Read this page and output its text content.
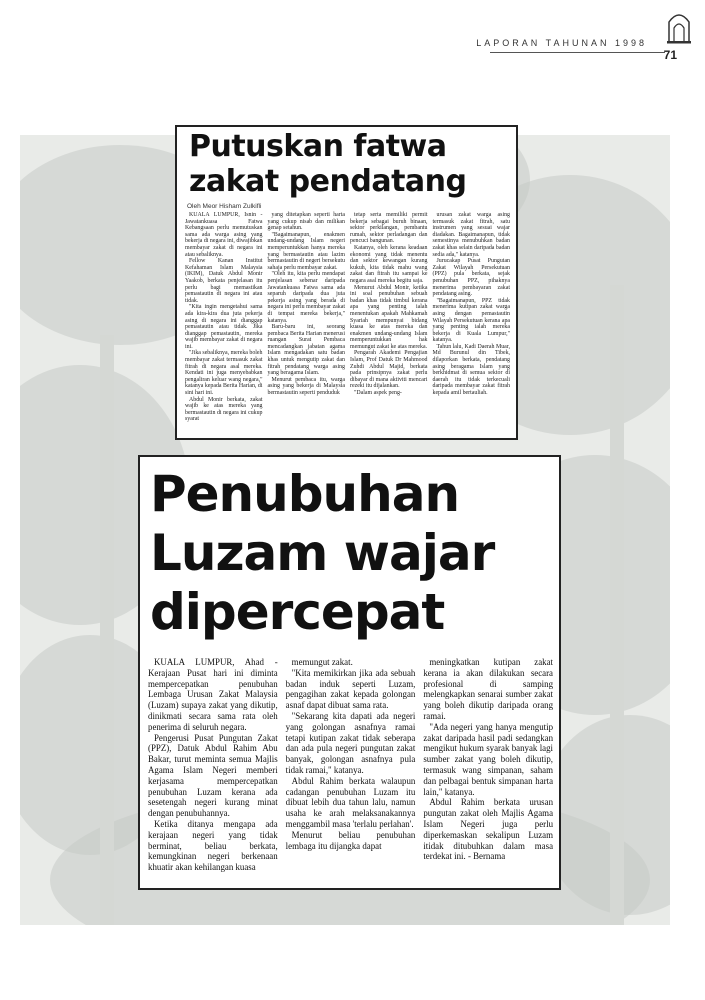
LAPORAN TAHUNAN 1998
71
Putuskan fatwa
zakat pendatang
Oleh Meor Hisham Zulkifli

KUALA LUMPUR, Isnin - Jawatankuasa Fatwa Kebangsaan perlu memutuskan sama ada warga asing yang bekerja di negara ini, diwajibkan membayar zakat di negara ini atau sebaliknya.

Fellow Kanan Institut Kefahaman Islam Malaysia (IKIM), Datuk Abdul Monir Yaakob, berkata penjelasan itu perlu bagi memastikan pemastautin di negara ini atau tidak.

"Kita ingin mengetahui sama ada kira-kira dua juta pekerja asing di negara ini dianggap pemastautin atau tidak. Jika dianggap pemastautin, mereka wajib membayar zakat di negara ini.

"Jika sebaliknya, mereka boleh membayar zakat termasuk zakat fitrah di negara asal mereka. Kendati ini juga menyebabkan pengaliran keluar wang negara," katanya kepada Berita Harian, di sini hari ini.

Abdul Monir berkata, zakat wajib ke atas mereka yang bermastautin di negara ini cukup syarat

yang ditetapkan seperti harta yang cukup nisab dan milikan genap setahun.

"Bagaimanapun, enakmen undang-undang Islam negeri memperuntukkan hanya mereka yang bermastautin atau lazim bermastautin di negeri bersekutu sahaja perlu membayar zakat.

"Oleh itu, kita perlu mendapat penjelasan sebenar daripada Jawatankuasa Fatwa sama ada separuh daripada dua juta pekerja asing yang berada di negara ini perlu membayar zakat di tempat mereka bekerja," katanya.

Baru-baru ini, seorang pembaca Berita Harian menerusi ruangan Surat Pembaca mencadangkan jabatan agama Islam mengadakan satu badan khas untuk mengutip zakat dan fitrah pendatang warga asing yang beragama Islam.

Menurut pembaca itu, warga asing yang bekerja di Malaysia bermastautin seperti penduduk

tetap serta memiliki permit bekerja sebagai buruh binaan, sektor perkilangan, pembantu rumah, sektor perladangan dan pencuci bangunan.

Katanya, oleh kerana keadaan ekonomi yang tidak menentu dan sektor kewangan kurang kukuh, kita tidak mahu wang zakat dan fitrah itu sampai ke negara asal mereka begitu saja.

Menurut Abdul Monir, ketika ini soal penubuhan sebuah badan khas tidak timbul kerana apa yang penting ialah menentukan apakah Mahkamah Syariah mempunyai bidang kuasa ke atas mereka dan enakmen undang-undang Islam memperuntukkan hak memungut zakat ke atas mereka.

Pengarah Akademi Pengajian Islam, Prof Datuk Dr Mahmood Zuhdi Abdul Majid, berkata pada prinsipnya zakat perlu dibayar di mana aktiviti mencari rezeki itu dijalankan.

"Dalam aspek peng-

urusan zakat warga asing termasuk zakat fitrah, satu instrumen yang sesuai wajar diadakan. Bagaimanapun, tidak semestinya menubuhkan badan zakat khas selain daripada badan sedia ada," katanya.

Jurucakap Pusat Pungutan Zakat Wilayah Persekutuan (PPZ) pula berkata, sejak penubuhan PPZ, pihaknya menerima pembayaran zakat pendatang asing.

"Bagaimanapun, PPZ tidak menerima kutipan zakat warga asing dengan pemastautin Wilayah Persekutuan kerana apa yang penting ialah mereka bekerja di Kuala Lumpur," katanya.

Tahun lalu, Kadi Daerah Muar, Md Burunul din Tibek, dilaporkan berkata, pendatang asing beragama Islam yang berkhidmat di semua sektor di daerah itu tidak terkecuali daripada membayar zakat fitrah kepada amil bertauliah.

Penubuhan
Luzam wajar
dipercepat

KUALA LUMPUR, Ahad - Kerajaan Pusat hari ini diminta mempercepatkan penubuhan Lembaga Urusan Zakat Malaysia (Luzam) supaya zakat yang dikutip, dinikmati secara sama rata oleh penerima di seluruh negara.

Pengerusi Pusat Pungutan Zakat (PPZ), Datuk Abdul Rahim Abu Bakar, turut meminta semua Majlis Agama Islam Negeri memberi kerjasama mempercepatkan penubuhan Luzam kerana ada sesetengah negeri kurang minat dengan penubuhannya.

Ketika ditanya mengapa ada kerajaan negeri yang tidak berminat, beliau berkata, kemungkinan negeri berkenaan khuatir akan kehilangan kuasa

memungut zakat.

"Kita memikirkan jika ada sebuah badan induk seperti Luzam, pengagihan zakat kepada golongan asnaf dapat dibuat sama rata.

"Sekarang kita dapati ada negeri yang golongan asnafnya ramai tetapi kutipan zakat tidak seberapa dan ada pula negeri pungutan zakat banyak, golongan asnafnya pula tidak ramai," katanya.

Abdul Rahim berkata walaupun cadangan penubuhan Luzam itu dibuat lebih dua tahun lalu, namun usaha ke arah melaksanakannya menggambil masa 'terlalu perlahan'.

Menurut beliau penubuhan lembaga itu dijangka dapat

meningkatkan kutipan zakat kerana ia akan dilakukan secara profesional di samping melengkapkan senarai sumber zakat yang boleh dikutip daripada orang ramai.

"Ada negeri yang hanya mengutip zakat daripada hasil padi sedangkan mengikut hukum syarak banyak lagi sumber zakat yang boleh dikutip, termasuk wang simpanan, saham dan pelbagai bentuk simpanan harta lain," katanya.

Abdul Rahim berkata urusan pungutan zakat oleh Majlis Agama Islam Negeri juga perlu diperkemaskan sekalipun Luzam itidak ditubuhkan dalam masa terdekat ini. - Bernama
